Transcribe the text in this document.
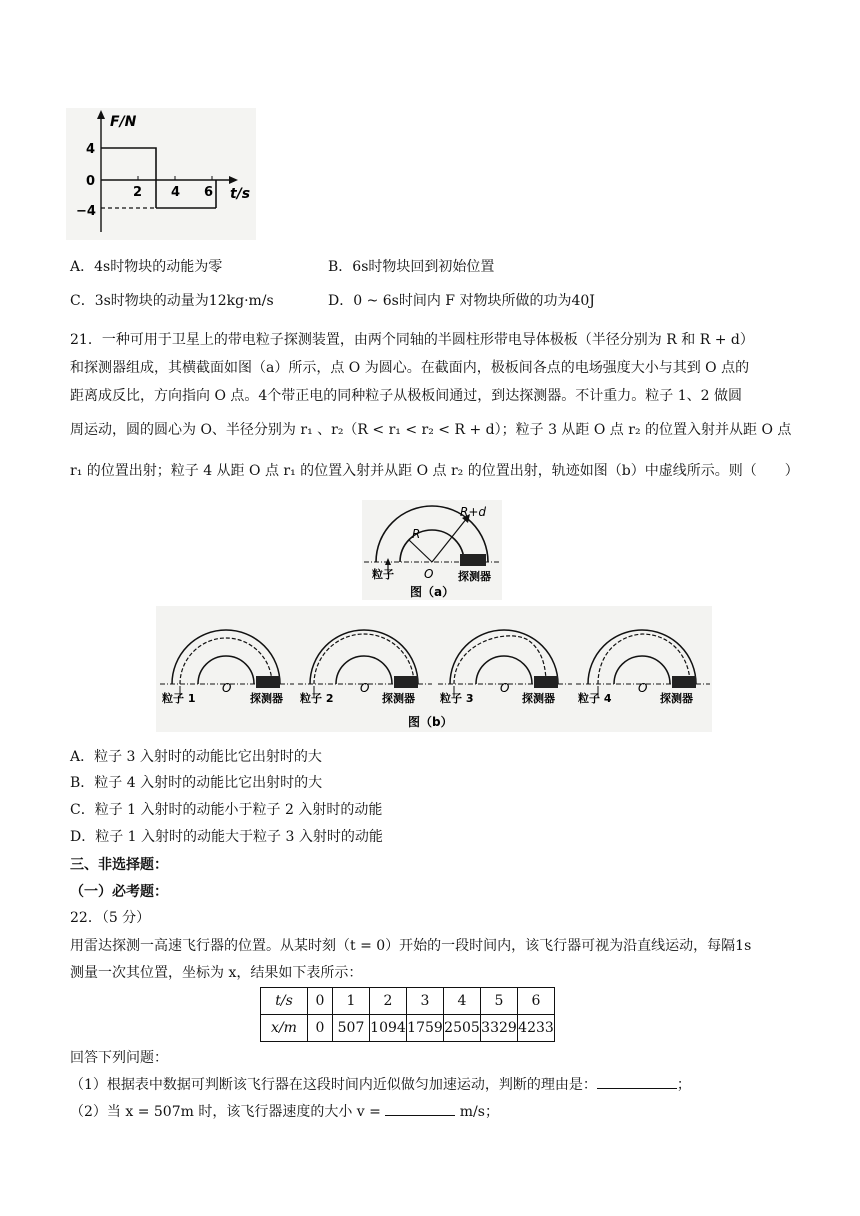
F/N
t/s
4
0
−4
2 4 6
A．4s时物块的动能为零	B．6s时物块回到初始位置
C．3s时物块的动量为12kg·m/s	D．0 ~ 6s时间内 F 对物块所做的功为40J
21．一种可用于卫星上的带电粒子探测装置，由两个同轴的半圆柱形带电导体极板（半径分别为 R 和 R + d）
和探测器组成，其横截面如图（a）所示，点 O 为圆心。在截面内，极板间各点的电场强度大小与其到 O 点的
距离成反比，方向指向 O 点。4个带正电的同种粒子从极板间通过，到达探测器。不计重力。粒子 1、2 做圆
周运动，圆的圆心为 O、半径分别为 r₁ 、r₂（R < r₁ < r₂ < R + d）；粒子 3 从距 O 点 r₂ 的位置入射并从距 O 点
r₁ 的位置出射；粒子 4 从距 O 点 r₁ 的位置入射并从距 O 点 r₂ 的位置出射，轨迹如图（b）中虚线所示。则（　　）
R+d
R
O
粒子	探测器
图（a）
O
粒子 1	探测器
O
粒子 2	探测器
O
粒子 3	探测器
O
粒子 4	探测器
图（b）
A．粒子 3 入射时的动能比它出射时的大
B．粒子 4 入射时的动能比它出射时的大
C．粒子 1 入射时的动能小于粒子 2 入射时的动能
D．粒子 1 入射时的动能大于粒子 3 入射时的动能
三、非选择题：
（一）必考题：
22．（5 分）
用雷达探测一高速飞行器的位置。从某时刻（t = 0）开始的一段时间内，该飞行器可视为沿直线运动，每隔1s
测量一次其位置，坐标为 x，结果如下表所示：
t/s	0	1	2	3	4	5	6
x/m	0	507	1094	1759	2505	3329	4233
回答下列问题：
（1）根据表中数据可判断该飞行器在这段时间内近似做匀加速运动，判断的理由是：	；
（2）当 x = 507m 时，该飞行器速度的大小 v =	m/s；
